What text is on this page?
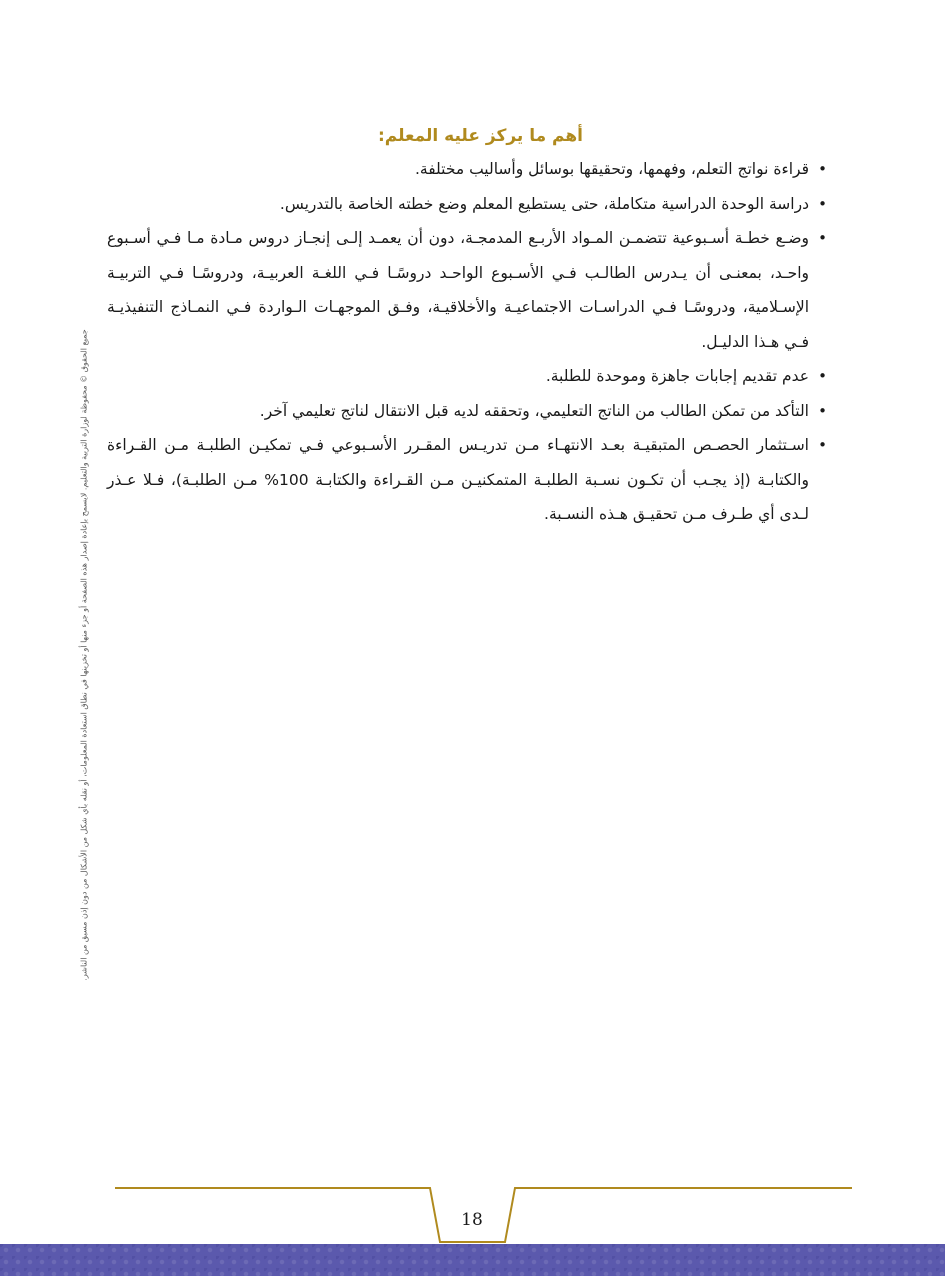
أهم ما يركز عليه المعلم:
•
قراءة نواتج التعلم، وفهمها، وتحقيقها بوسائل وأساليب مختلفة.
•
دراسة الوحدة الدراسية متكاملة، حتى يستطيع المعلم وضع خطته الخاصة بالتدريس.
•
وضـع خطـة أسـبوعية تتضمـن المـواد الأربـع المدمجـة، دون أن يعمـد إلـى إنجـاز دروس مـادة مـا فـي أسـبوع واحـد، بمعنـى أن يـدرس الطالـب فـي الأسـبوع الواحـد دروسًـا فـي اللغـة العربيـة، ودروسًـا فـي التربيـة الإسـلامية، ودروسًـا فـي الدراسـات الاجتماعيـة والأخلاقيـة، وفـق الموجهـات الـواردة فـي النمـاذج التنفيذيـة فـي هـذا الدليـل.
•
عدم تقديم إجابات جاهزة وموحدة للطلبة.
•
التأكد من تمكن الطالب من الناتج التعليمي، وتحققه لديه قبل الانتقال لناتج تعليمي آخر.
•
اسـتثمار الحصـص المتبقيـة بعـد الانتهـاء مـن تدريـس المقـرر الأسـبوعي فـي تمكيـن الطلبـة مـن القـراءة والكتابـة (إذ يجـب أن تكـون نسـبة الطلبـة المتمكنيـن مـن القـراءة والكتابـة 100% مـن الطلبـة)، فـلا عـذر لـدى أي طـرف مـن تحقيـق هـذه النسـبة.
جميع الحقوق © محفوظة لوزارة التربية والتعليم. لايسمح بإعادة إصدار هذه الصفحة أو جزء منها أو تخزينها في نطاق استعادة المعلومات، أو نقله بأي شكل من الأشكال من دون إذن مسبق من الناشر.
18
